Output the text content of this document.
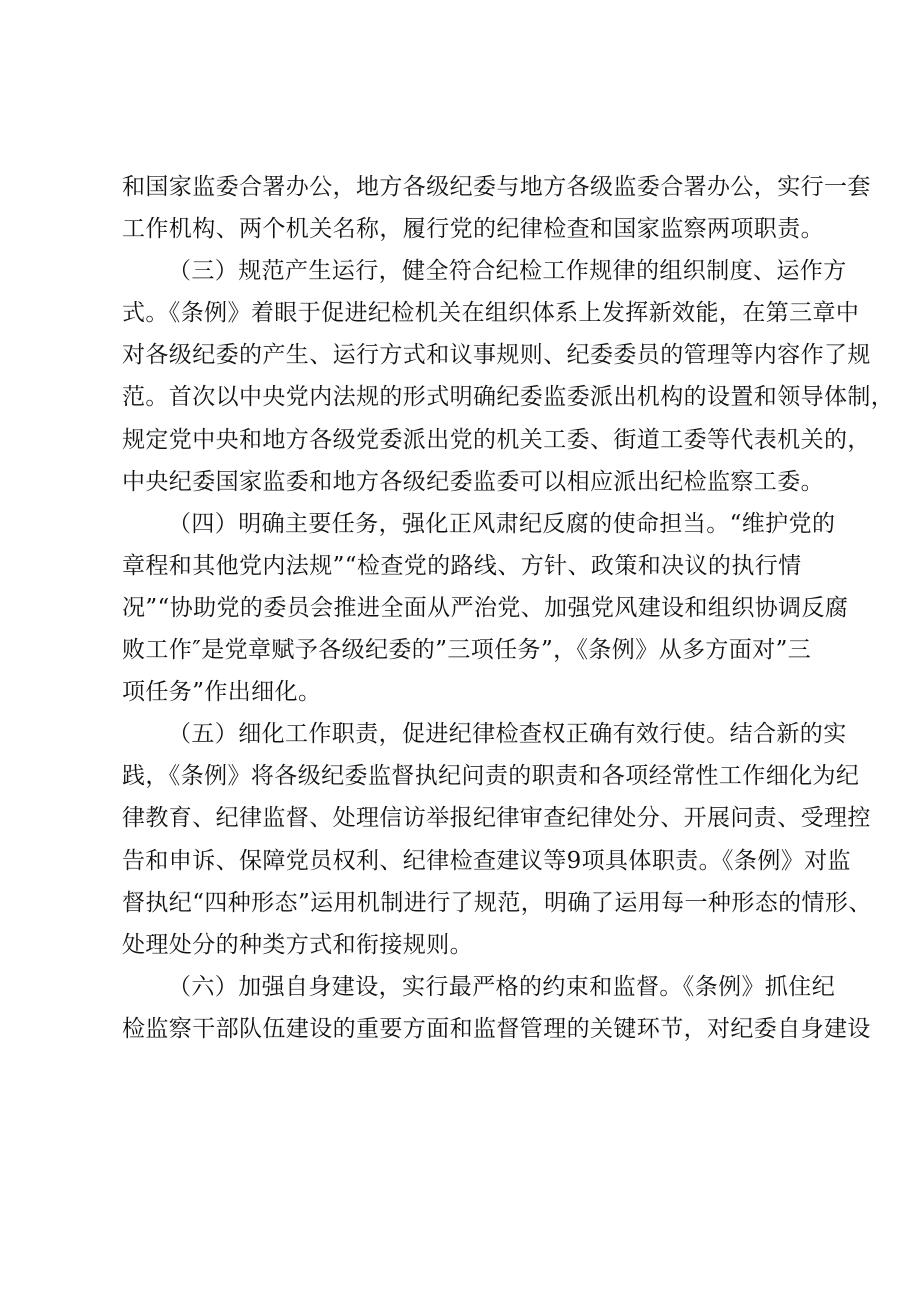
和国家监委合署办公，地方各级纪委与地方各级监委合署办公，实行一套
工作机构、两个机关名称，履行党的纪律检查和国家监察两项职责。

（三）规范产生运行，健全符合纪检工作规律的组织制度、运作方
式。《条例》着眼于促进纪检机关在组织体系上发挥新效能，在第三章中
对各级纪委的产生、运行方式和议事规则、纪委委员的管理等内容作了规
范。首次以中央党内法规的形式明确纪委监委派出机构的设置和领导体制，
规定党中央和地方各级党委派出党的机关工委、街道工委等代表机关的，
中央纪委国家监委和地方各级纪委监委可以相应派出纪检监察工委。

（四）明确主要任务，强化正风肃纪反腐的使命担当。“维护党的
章程和其他党内法规”“检查党的路线、方针、政策和决议的执行情
况”“协助党的委员会推进全面从严治党、加强党风建设和组织协调反腐
败工作″是党章赋予各级纪委的”三项任务”，《条例》从多方面对”三
项任务”作出细化。

（五）细化工作职责，促进纪律检查权正确有效行使。结合新的实
践，《条例》将各级纪委监督执纪问责的职责和各项经常性工作细化为纪
律教育、纪律监督、处理信访举报纪律审查纪律处分、开展问责、受理控
告和申诉、保障党员权利、纪律检查建议等9项具体职责。《条例》对监
督执纪“四种形态”运用机制进行了规范，明确了运用每一种形态的情形、
处理处分的种类方式和衔接规则。

（六）加强自身建设，实行最严格的约束和监督。《条例》抓住纪
检监察干部队伍建设的重要方面和监督管理的关键环节，对纪委自身建设
